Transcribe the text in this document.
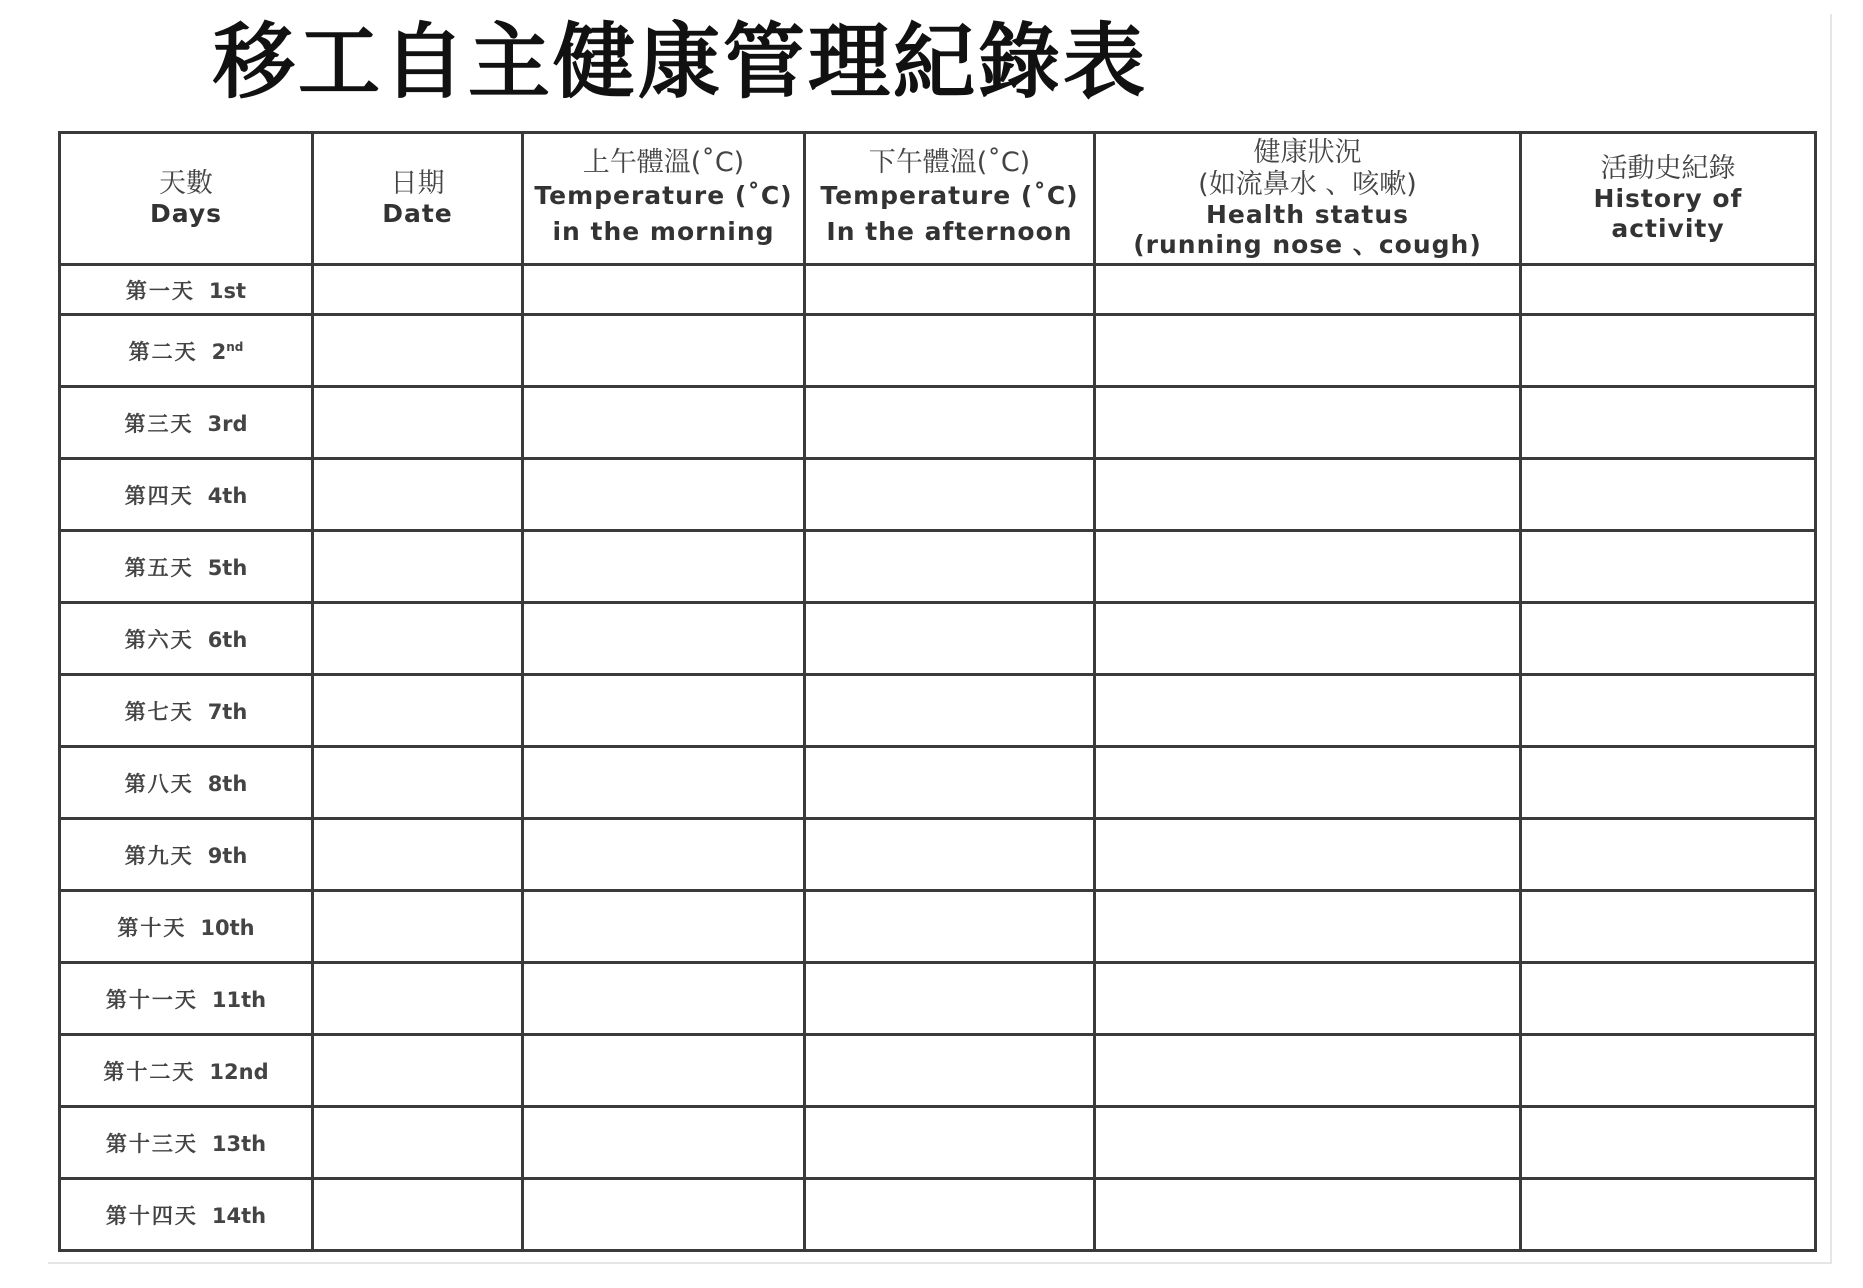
移工自主健康管理紀錄表
天數
Days	日期
Date	上午體溫(˚C)
Temperature (˚C)
in the morning	下午體溫(˚C)
Temperature (˚C)
In the afternoon	健康狀況
(如流鼻水 、咳嗽)
Health status
(running nose 、cough)	活動史紀錄
History of
activity

第一天 1st					
第二天 2nd					
第三天 3rd					
第四天 4th					
第五天 5th					
第六天 6th					
第七天 7th					
第八天 8th					
第九天 9th					
第十天 10th					
第十一天 11th					
第十二天 12nd					
第十三天 13th					
第十四天 14th					
